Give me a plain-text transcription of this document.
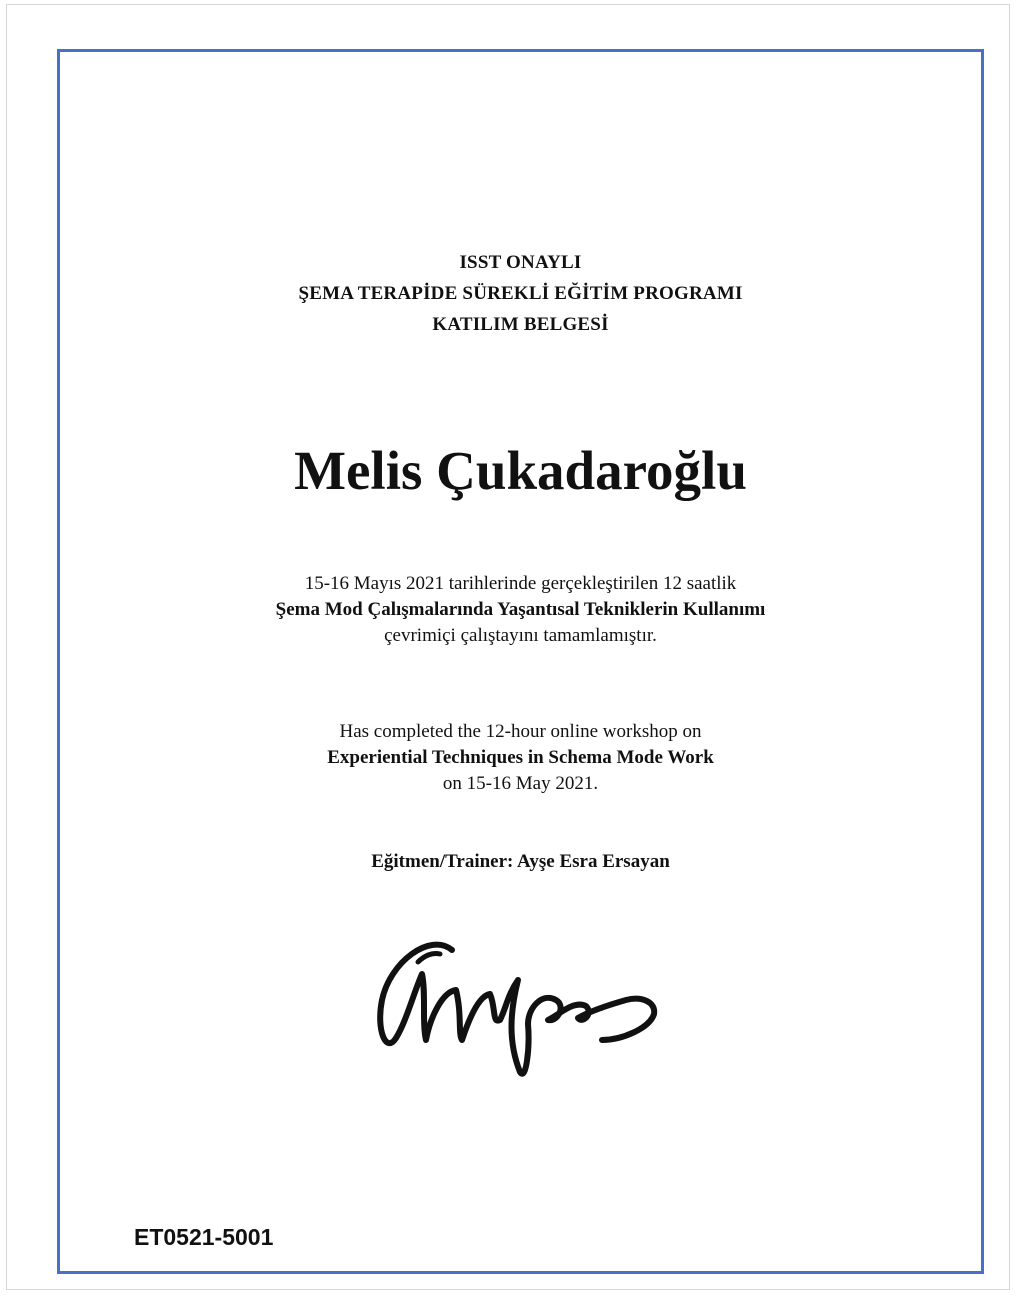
ISST ONAYLI
ŞEMA TERAPİDE SÜREKLİ EĞİTİM PROGRAMI
KATILIM BELGESİ
Melis Çukadaroğlu
15-16 Mayıs 2021 tarihlerinde gerçekleştirilen 12 saatlik
Şema Mod Çalışmalarında Yaşantısal Tekniklerin Kullanımı
çevrimiçi çalıştayını tamamlamıştır.
Has completed the 12-hour online workshop on
Experiential Techniques in Schema Mode Work
on 15-16 May 2021.
Eğitmen/Trainer: Ayşe Esra Ersayan
ET0521-5001
